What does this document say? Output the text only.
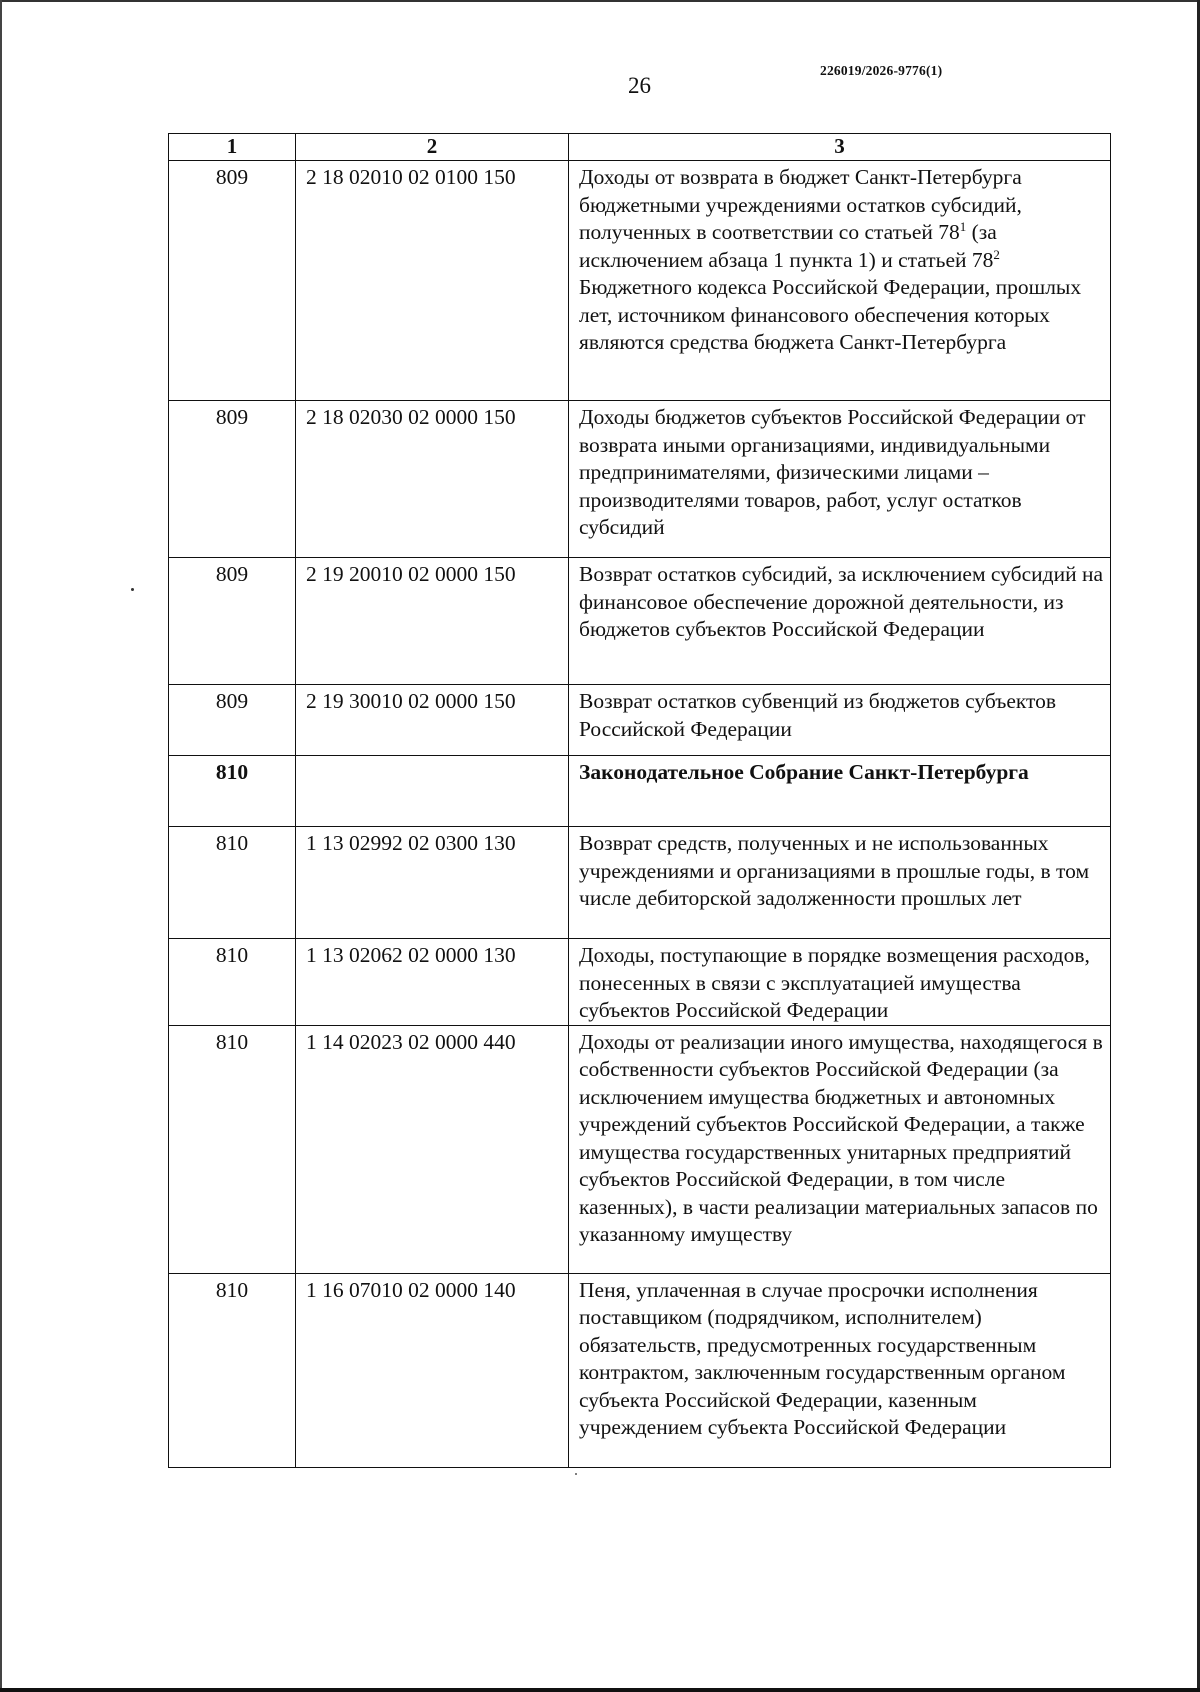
226019/2026-9776(1)
26
1	2	3
809	2 18 02010 02 0100 150	Доходы от возврата в бюджет Санкт-Петербурга бюджетными учреждениями остатков субсидий, полученных в соответствии со статьей $78^1$ (за исключением абзаца 1 пункта 1) и статьей $78^2$ Бюджетного кодекса Российской Федерации, прошлых лет, источником финансового обеспечения которых являются средства бюджета Санкт-Петербурга
809	2 18 02030 02 0000 150	Доходы бюджетов субъектов Российской Федерации от возврата иными организациями, индивидуальными предпринимателями, физическими лицами – производителями товаров, работ, услуг остатков субсидий
809	2 19 20010 02 0000 150	Возврат остатков субсидий, за исключением субсидий на финансовое обеспечение дорожной деятельности, из бюджетов субъектов Российской Федерации
809	2 19 30010 02 0000 150	Возврат остатков субвенций из бюджетов субъектов Российской Федерации
810		Законодательное Собрание Санкт-Петербурга
810	1 13 02992 02 0300 130	Возврат средств, полученных и не использованных учреждениями и организациями в прошлые годы, в том числе дебиторской задолженности прошлых лет
810	1 13 02062 02 0000 130	Доходы, поступающие в порядке возмещения расходов, понесенных в связи с эксплуатацией имущества субъектов Российской Федерации
810	1 14 02023 02 0000 440	Доходы от реализации иного имущества, находящегося в собственности субъектов Российской Федерации (за исключением имущества бюджетных и автономных учреждений субъектов Российской Федерации, а также имущества государственных унитарных предприятий субъектов Российской Федерации, в том числе казенных), в части реализации материальных запасов по указанному имуществу
810	1 16 07010 02 0000 140	Пеня, уплаченная в случае просрочки исполнения поставщиком (подрядчиком, исполнителем) обязательств, предусмотренных государственным контрактом, заключенным государственным органом субъекта Российской Федерации, казенным учреждением субъекта Российской Федерации
